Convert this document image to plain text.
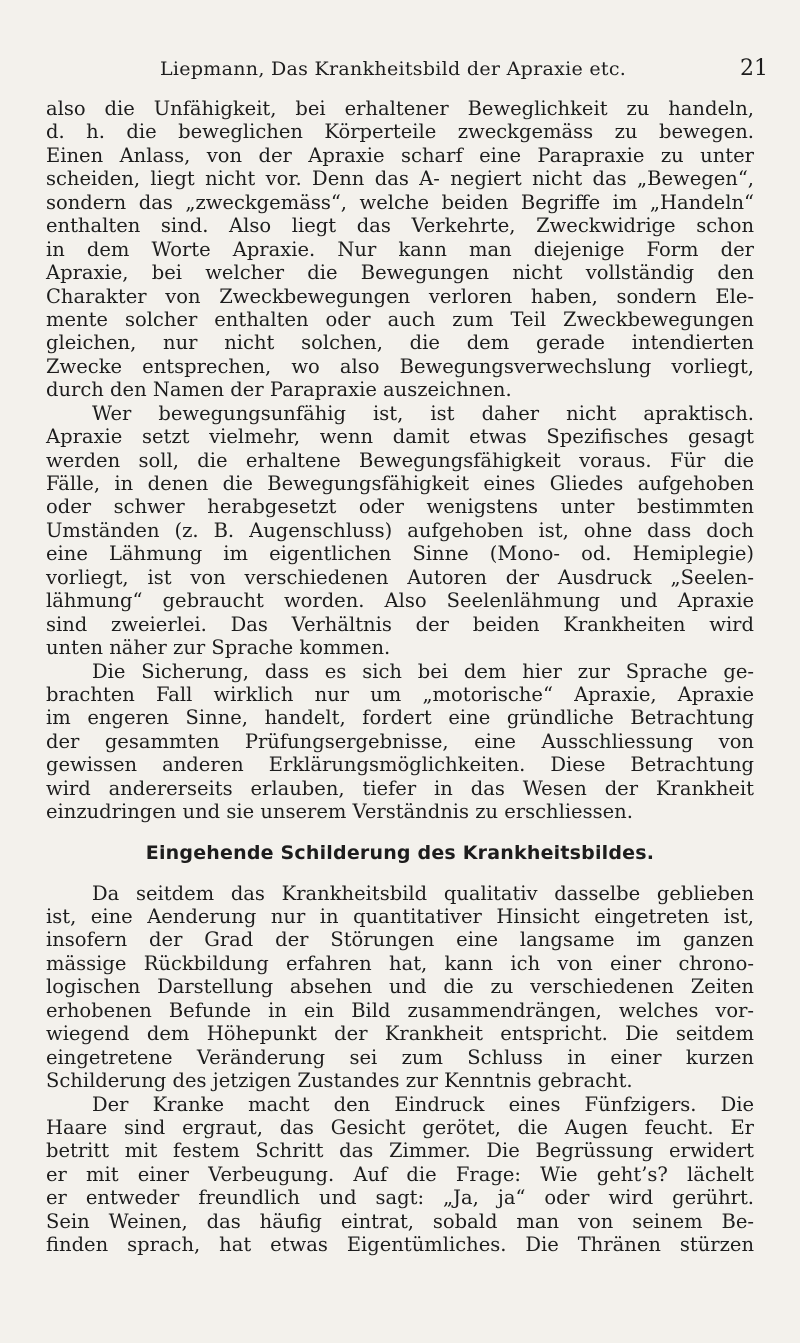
Liepmann, Das Krankheitsbild der Apraxie etc.	21
also die Unfähigkeit, bei erhaltener Beweglichkeit zu handeln,
d. h. die beweglichen Körperteile zweckgemäss zu bewegen.
Einen Anlass, von der Apraxie scharf eine Parapraxie zu unter
scheiden, liegt nicht vor. Denn das A- negiert nicht das „Bewegen“,
sondern das „zweckgemäss“, welche beiden Begriffe im „Handeln“
enthalten sind. Also liegt das Verkehrte, Zweckwidrige schon
in dem Worte Apraxie. Nur kann man diejenige Form der
Apraxie, bei welcher die Bewegungen nicht vollständig den
Charakter von Zweckbewegungen verloren haben, sondern Ele-
mente solcher enthalten oder auch zum Teil Zweckbewegungen
gleichen, nur nicht solchen, die dem gerade intendierten
Zwecke entsprechen, wo also Bewegungsverwechslung vorliegt,
durch den Namen der Parapraxie auszeichnen.
Wer bewegungsunfähig ist, ist daher nicht apraktisch.
Apraxie setzt vielmehr, wenn damit etwas Spezifisches gesagt
werden soll, die erhaltene Bewegungsfähigkeit voraus. Für die
Fälle, in denen die Bewegungsfähigkeit eines Gliedes aufgehoben
oder schwer herabgesetzt oder wenigstens unter bestimmten
Umständen (z. B. Augenschluss) aufgehoben ist, ohne dass doch
eine Lähmung im eigentlichen Sinne (Mono- od. Hemiplegie)
vorliegt, ist von verschiedenen Autoren der Ausdruck „Seelen-
lähmung“ gebraucht worden. Also Seelenlähmung und Apraxie
sind zweierlei. Das Verhältnis der beiden Krankheiten wird
unten näher zur Sprache kommen.
Die Sicherung, dass es sich bei dem hier zur Sprache ge-
brachten Fall wirklich nur um „motorische“ Apraxie, Apraxie
im engeren Sinne, handelt, fordert eine gründliche Betrachtung
der gesammten Prüfungsergebnisse, eine Ausschliessung von
gewissen anderen Erklärungsmöglichkeiten. Diese Betrachtung
wird andererseits erlauben, tiefer in das Wesen der Krankheit
einzudringen und sie unserem Verständnis zu erschliessen.
Eingehende Schilderung des Krankheitsbildes.
Da seitdem das Krankheitsbild qualitativ dasselbe geblieben
ist, eine Aenderung nur in quantitativer Hinsicht eingetreten ist,
insofern der Grad der Störungen eine langsame im ganzen
mässige Rückbildung erfahren hat, kann ich von einer chrono-
logischen Darstellung absehen und die zu verschiedenen Zeiten
erhobenen Befunde in ein Bild zusammendrängen, welches vor-
wiegend dem Höhepunkt der Krankheit entspricht. Die seitdem
eingetretene Veränderung sei zum Schluss in einer kurzen
Schilderung des jetzigen Zustandes zur Kenntnis gebracht.
Der Kranke macht den Eindruck eines Fünfzigers. Die
Haare sind ergraut, das Gesicht gerötet, die Augen feucht. Er
betritt mit festem Schritt das Zimmer. Die Begrüssung erwidert
er mit einer Verbeugung. Auf die Frage: Wie geht’s? lächelt
er entweder freundlich und sagt: „Ja, ja“ oder wird gerührt.
Sein Weinen, das häufig eintrat, sobald man von seinem Be-
finden sprach, hat etwas Eigentümliches. Die Thränen stürzen
